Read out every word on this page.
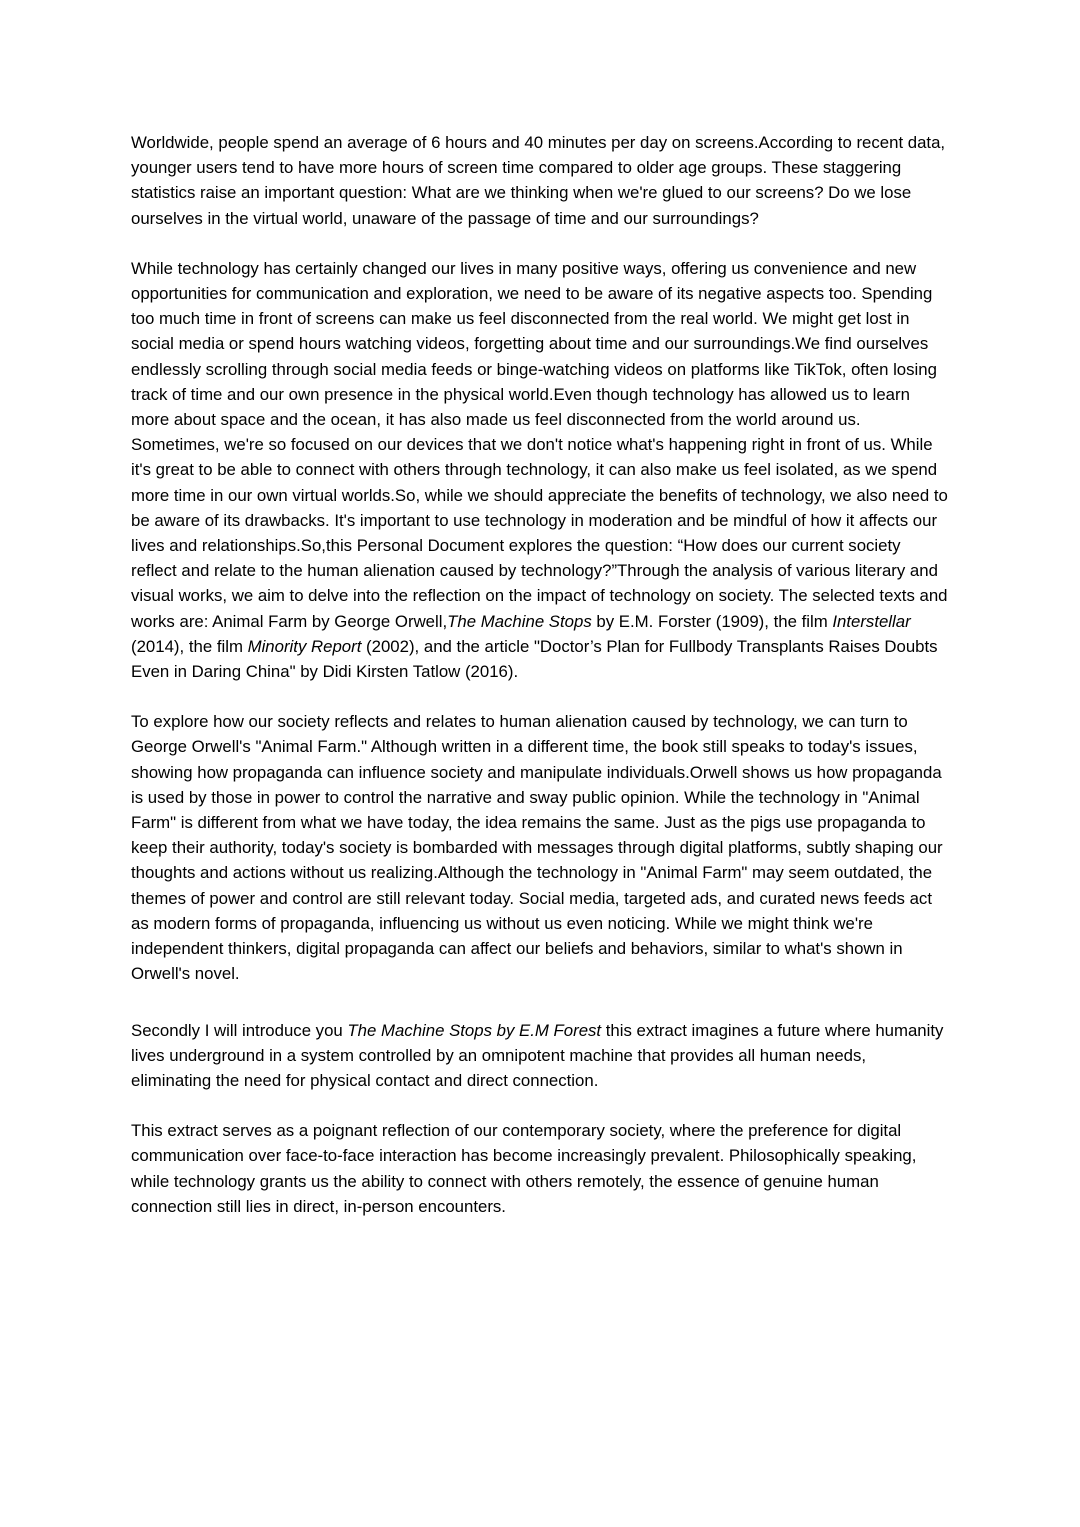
Worldwide, people spend an average of 6 hours and 40 minutes per day on screens.According to recent data, younger users tend to have more hours of screen time compared to older age groups. These staggering statistics raise an important question: What are we thinking when we're glued to our screens? Do we lose ourselves in the virtual world, unaware of the passage of time and our surroundings?

While technology has certainly changed our lives in many positive ways, offering us convenience and new opportunities for communication and exploration, we need to be aware of its negative aspects too. Spending too much time in front of screens can make us feel disconnected from the real world. We might get lost in social media or spend hours watching videos, forgetting about time and our surroundings.We find ourselves endlessly scrolling through social media feeds or binge-watching videos on platforms like TikTok, often losing track of time and our own presence in the physical world.Even though technology has allowed us to learn more about space and the ocean, it has also made us feel disconnected from the world around us. Sometimes, we're so focused on our devices that we don't notice what's happening right in front of us. While it's great to be able to connect with others through technology, it can also make us feel isolated, as we spend more time in our own virtual worlds.So, while we should appreciate the benefits of technology, we also need to be aware of its drawbacks. It's important to use technology in moderation and be mindful of how it affects our lives and relationships.So,this Personal Document explores the question: “How does our current society reflect and relate to the human alienation caused by technology?”Through the analysis of various literary and visual works, we aim to delve into the reflection on the impact of technology on society. The selected texts and works are: Animal Farm by George Orwell,The Machine Stops by E.M. Forster (1909), the film Interstellar (2014), the film Minority Report (2002), and the article "Doctor’s Plan for Fullbody Transplants Raises Doubts Even in Daring China" by Didi Kirsten Tatlow (2016).

To explore how our society reflects and relates to human alienation caused by technology, we can turn to George Orwell's "Animal Farm." Although written in a different time, the book still speaks to today's issues, showing how propaganda can influence society and manipulate individuals.Orwell shows us how propaganda is used by those in power to control the narrative and sway public opinion. While the technology in "Animal Farm" is different from what we have today, the idea remains the same. Just as the pigs use propaganda to keep their authority, today's society is bombarded with messages through digital platforms, subtly shaping our thoughts and actions without us realizing.Although the technology in "Animal Farm" may seem outdated, the themes of power and control are still relevant today. Social media, targeted ads, and curated news feeds act as modern forms of propaganda, influencing us without us even noticing. While we might think we're independent thinkers, digital propaganda can affect our beliefs and behaviors, similar to what's shown in Orwell's novel.

Secondly I will introduce you The Machine Stops by E.M Forest this extract imagines a future where humanity lives underground in a system controlled by an omnipotent machine that provides all human needs, eliminating the need for physical contact and direct connection.

This extract serves as a poignant reflection of our contemporary society, where the preference for digital communication over face-to-face interaction has become increasingly prevalent. Philosophically speaking, while technology grants us the ability to connect with others remotely, the essence of genuine human connection still lies in direct, in-person encounters.
